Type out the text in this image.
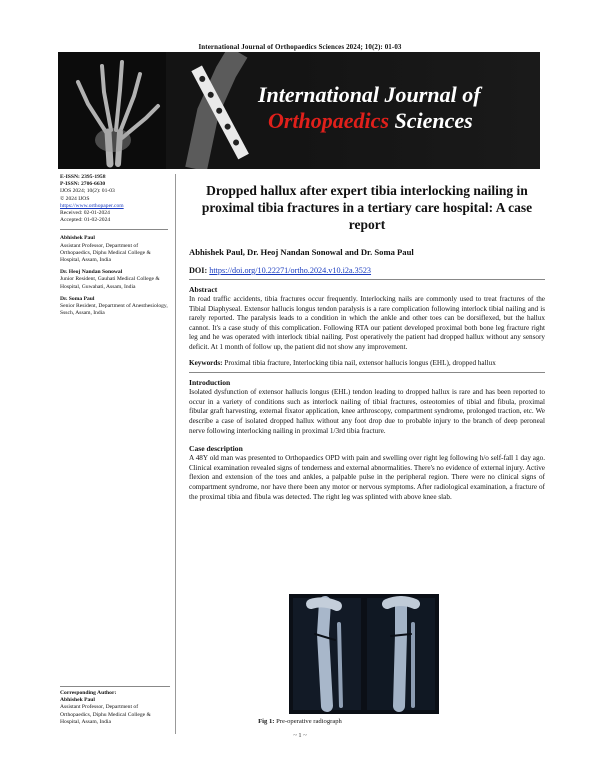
International Journal of Orthopaedics Sciences 2024; 10(2): 01-03
International Journal of
Orthopaedics Sciences
E-ISSN: 2395-1958
P-ISSN: 2706-6630
IJOS 2024; 10(2): 01-03
© 2024 IJOS
https://www.orthopaper.com
Received: 02-01-2024
Accepted: 01-02-2024
Abhishek Paul
Assistant Professor, Department of Orthopaedics, Diphu Medical College & Hospital, Assam, India
Dr. Heoj Nandan Sonowal
Junior Resident, Gauhati Medical College & Hospital, Guwahati, Assam, India
Dr. Soma Paul
Senior Resident, Department of Anesthesiology, Sssch, Assam, India
Corresponding Author:
Abhishek Paul
Assistant Professor, Department of Orthopaedics, Diphu Medical College & Hospital, Assam, India
Dropped hallux after expert tibia interlocking nailing in proximal tibia fractures in a tertiary care hospital: A case report
Abhishek Paul, Dr. Heoj Nandan Sonowal and Dr. Soma Paul
DOI: https://doi.org/10.22271/ortho.2024.v10.i2a.3523
Abstract

In road traffic accidents, tibia fractures occur frequently. Interlocking nails are commonly used to treat fractures of the Tibial Diaphyseal. Extensor hallucis longus tendon paralysis is a rare complication following interlock tibial nailing and is rarely reported. The paralysis leads to a condition in which the ankle and other toes can be dorsiflexed, but the hallux cannot. It's a case study of this complication. Following RTA our patient developed proximal both bone leg fracture right leg and he was operated with interlock tibial nailing. Post operatively the patient had dropped hallux without any sensory deficit. At 1 month of follow up, the patient did not show any improvement.

Keywords: Proximal tibia fracture, Interlocking tibia nail, extensor hallucis longus (EHL), dropped hallux
Introduction

Isolated dysfunction of extensor hallucis longus (EHL) tendon leading to dropped hallux is rare and has been reported to occur in a variety of conditions such as interlock nailing of tibial fractures, osteotomies of tibial and fibula, proximal fibular graft harvesting, external fixator application, knee arthroscopy, compartment syndrome, prolonged traction, etc. We describe a case of isolated dropped hallux without any foot drop due to probable injury to the branch of deep peroneal nerve following interlocking nailing in proximal 1/3rd tibia fracture.

Case description

A 48Y old man was presented to Orthopaedics OPD with pain and swelling over right leg following h/o self-fall 1 day ago. Clinical examination revealed signs of tenderness and external abnormalities. There's no evidence of external injury. Active flexion and extension of the toes and ankles, a palpable pulse in the peripheral region. There were no clinical signs of compartment syndrome, nor have there been any motor or nervous symptoms. After radiological examination, a fracture of the proximal tibia and fibula was detected. The right leg was splinted with above knee slab.

Fig 1: Pre-operative radiograph
~ 1 ~
